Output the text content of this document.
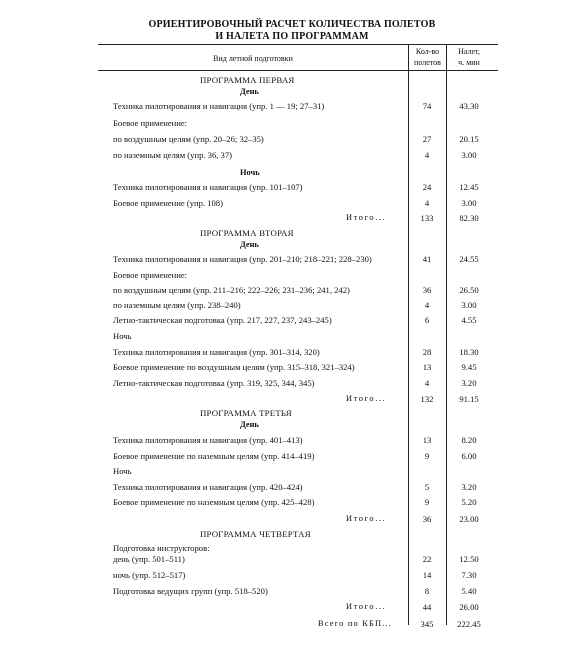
ОРИЕНТИРОВОЧНЫЙ РАСЧЕТ КОЛИЧЕСТВА ПОЛЕТОВ
И НАЛЕТА ПО ПРОГРАММАМ
Вид летной подготовки
Кол-во
полетов
Налет,
ч. мин
ПРОГРАММА ПЕРВАЯ
День
Техника пилотирования и навигация (упр. 1 — 19; 27–31)	74	43.30
Боевое применение:
по воздушным целям (упр. 20–26; 32–35)	27	20.15
по наземным целям (упр. 36, 37)	4	3.00
Ночь
Техника пилотирования и навигация (упр. 101–107)	24	12.45
Боевое применение (упр. 108)	4	3.00
Итого...	133	82.30
ПРОГРАММА ВТОРАЯ
День
Техника пилотирования и навигация (упр. 201–210; 218–221; 228–230)	41	24.55
Боевое применение:
по воздушным целям (упр. 211–216; 222–226; 231–236; 241, 242)	36	26.50
по наземным целям (упр. 238–240)	4	3.00
Летно-тактическая подготовка (упр. 217, 227, 237, 243–245)	6	4.55
Ночь
Техника пилотирования и навигация (упр. 301–314, 320)	28	18.30
Боевое применение по воздушным целям (упр. 315–318, 321–324)	13	9.45
Летно-тактическая подготовка (упр. 319, 325, 344, 345)	4	3.20
Итого...	132	91.15
ПРОГРАММА ТРЕТЬЯ
День
Техника пилотирования и навигация (упр. 401–413)	13	8.20
Боевое применение по наземным целям (упр. 414–419)	9	6.00
Ночь
Техника пилотирования и навигация (упр. 420–424)	5	3.20
Боевое применение по наземным целям (упр. 425–428)	9	5.20
Итого...	36	23.00
ПРОГРАММА ЧЕТВЕРТАЯ
Подготовка инструкторов:
день (упр. 501–511)	22	12.50
ночь (упр. 512–517)	14	7.30
Подготовка ведущих групп (упр. 518–520)	8	5.40
Итого...	44	26.00
Всего по КБП...	345	222.45
